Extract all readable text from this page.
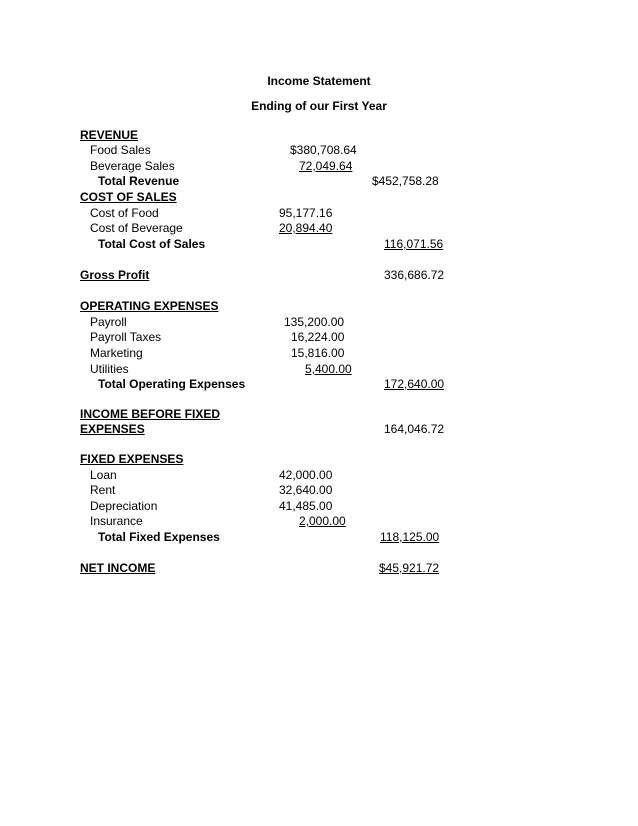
Income Statement
Ending of our First Year
REVENUE
Food Sales	$380,708.64
Beverage Sales	72,049.64
Total Revenue	$452,758.28
COST OF SALES
Cost of Food	95,177.16
Cost of Beverage	20,894.40
Total Cost of Sales	116,071.56
Gross Profit	336,686.72
OPERATING EXPENSES
Payroll	135,200.00
Payroll Taxes	16,224.00
Marketing	15,816.00
Utilities	5,400.00
Total Operating Expenses	172,640.00
INCOME BEFORE FIXED
EXPENSES	164,046.72
FIXED EXPENSES
Loan	42,000.00
Rent	32,640.00
Depreciation	41,485.00
Insurance	2,000.00
Total Fixed Expenses	118,125.00
NET INCOME	$45,921.72
